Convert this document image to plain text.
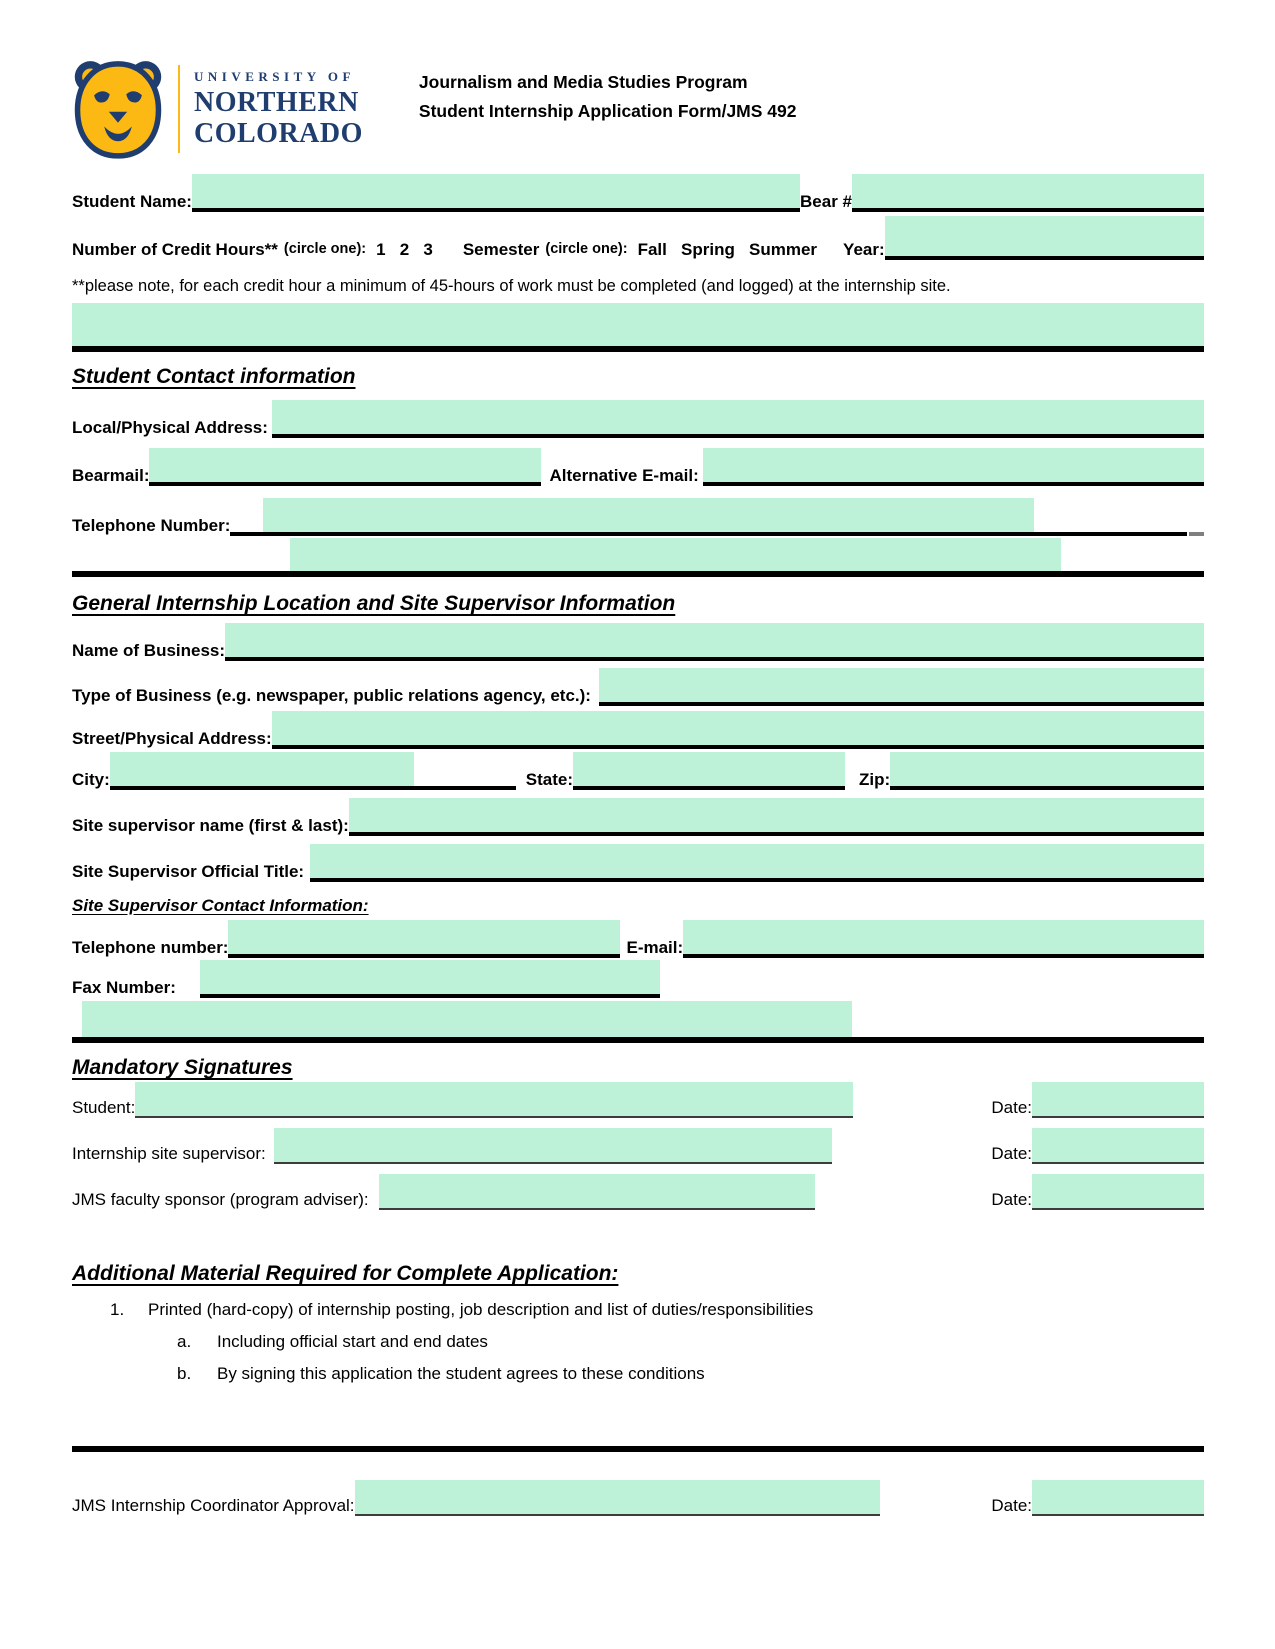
UNIVERSITY OF
NORTHERN
COLORADO
Journalism and Media Studies Program
Student Internship Application Form/JMS 492
Student Name:	Bear #
Number of Credit Hours** (circle one): 1   2   3 Semester (circle one): Fall   Spring   Summer Year:

**please note, for each credit hour a minimum of 45-hours of work must be completed (and logged) at the internship site.

Student Contact information
Local/Physical Address:
Bearmail:	Alternative E-mail:
Telephone Number:
General Internship Location and Site Supervisor Information
Name of Business:
Type of Business (e.g. newspaper, public relations agency, etc.):
Street/Physical Address:
City:	State:	Zip:
Site supervisor name (first & last):
Site Supervisor Official Title:
Site Supervisor Contact Information:
Telephone number:	E-mail:
Fax Number:
Mandatory Signatures
Student:	Date:
Internship site supervisor:	Date:
JMS faculty sponsor (program adviser):	Date:
Additional Material Required for Complete Application:
1.	Printed (hard-copy) of internship posting, job description and list of duties/responsibilities
a.	Including official start and end dates
b.	By signing this application the student agrees to these conditions
JMS Internship Coordinator Approval:	Date:
